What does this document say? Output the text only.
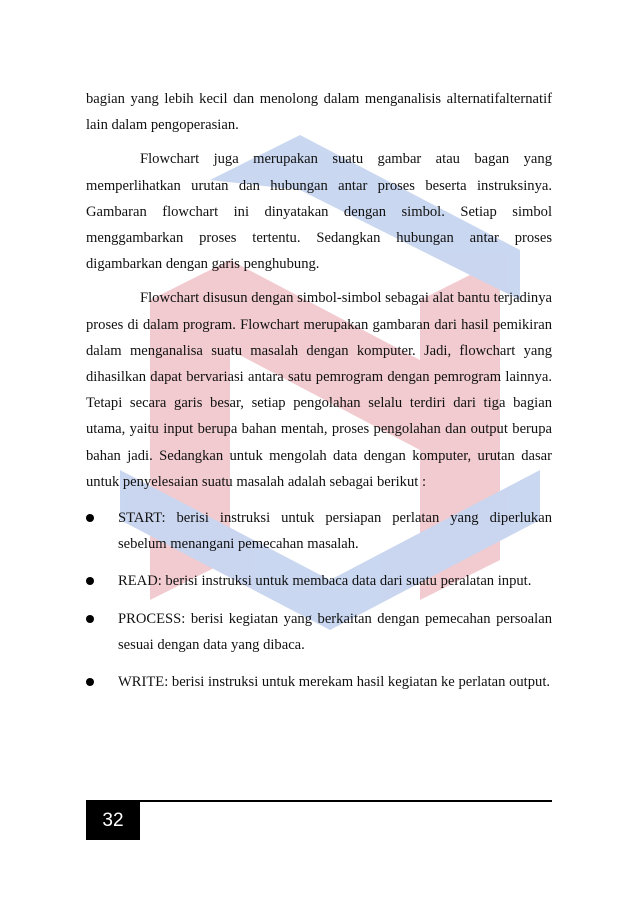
bagian yang lebih kecil dan menolong dalam menganalisis alternatifalternatif lain dalam pengoperasian.

Flowchart juga merupakan suatu gambar atau bagan yang memperlihatkan urutan dan hubungan antar proses beserta instruksinya. Gambaran flowchart ini dinyatakan dengan simbol. Setiap simbol menggambarkan proses tertentu. Sedangkan hubungan antar proses digambarkan dengan garis penghubung.

Flowchart disusun dengan simbol-simbol sebagai alat bantu terjadinya proses di dalam program. Flowchart merupakan gambaran dari hasil pemikiran dalam menganalisa suatu masalah dengan komputer. Jadi, flowchart yang dihasilkan dapat bervariasi antara satu pemrogram dengan pemrogram lainnya. Tetapi secara garis besar, setiap pengolahan selalu terdiri dari tiga bagian utama, yaitu input berupa bahan mentah, proses pengolahan dan output berupa bahan jadi. Sedangkan untuk mengolah data dengan komputer, urutan dasar untuk penyelesaian suatu masalah adalah sebagai berikut :

START: berisi instruksi untuk persiapan perlatan yang diperlukan sebelum menangani pemecahan masalah.
READ: berisi instruksi untuk membaca data dari suatu peralatan input.
PROCESS: berisi kegiatan yang berkaitan dengan pemecahan persoalan sesuai dengan data yang dibaca.
WRITE: berisi instruksi untuk merekam hasil kegiatan ke perlatan output.
32
